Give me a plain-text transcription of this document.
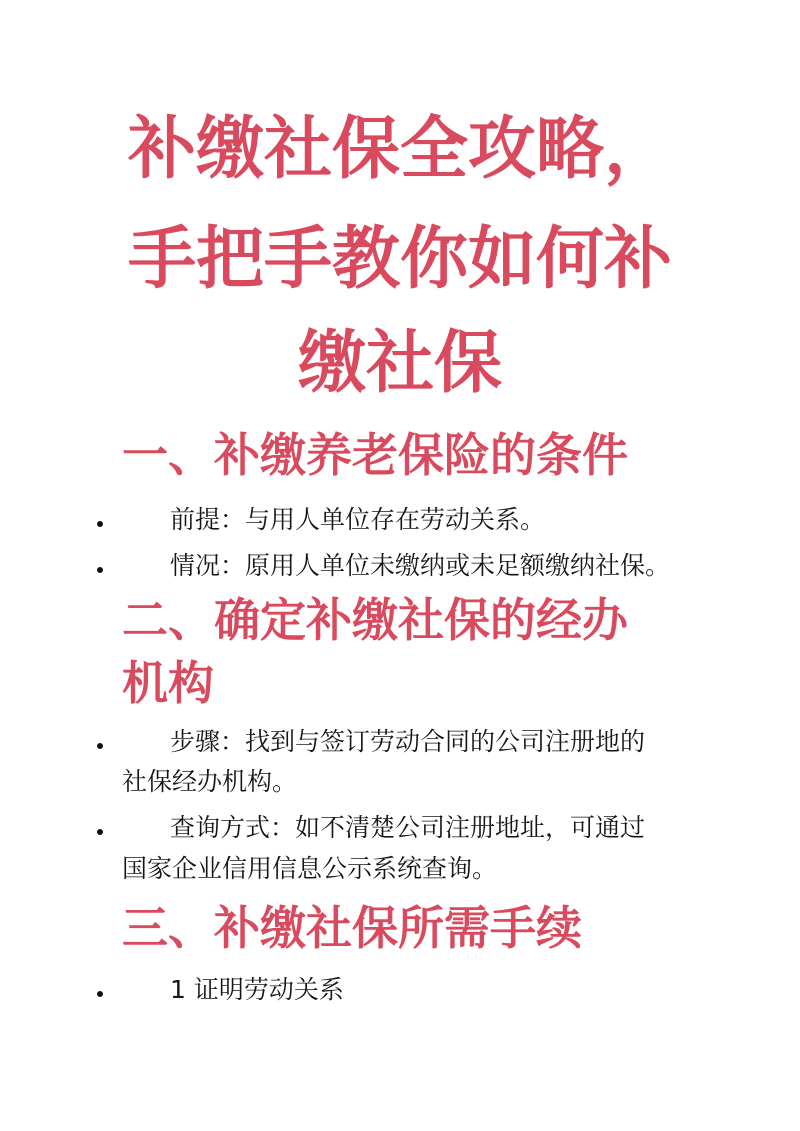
补缴社保全攻略，
手把手教你如何补
缴社保
一、补缴养老保险的条件
前提：与用人单位存在劳动关系。
情况：原用人单位未缴纳或未足额缴纳社保。
二、确定补缴社保的经办
机构
步骤：找到与签订劳动合同的公司注册地的
社保经办机构。
查询方式：如不清楚公司注册地址，可通过
国家企业信用信息公示系统查询。
三、补缴社保所需手续
1 证明劳动关系
